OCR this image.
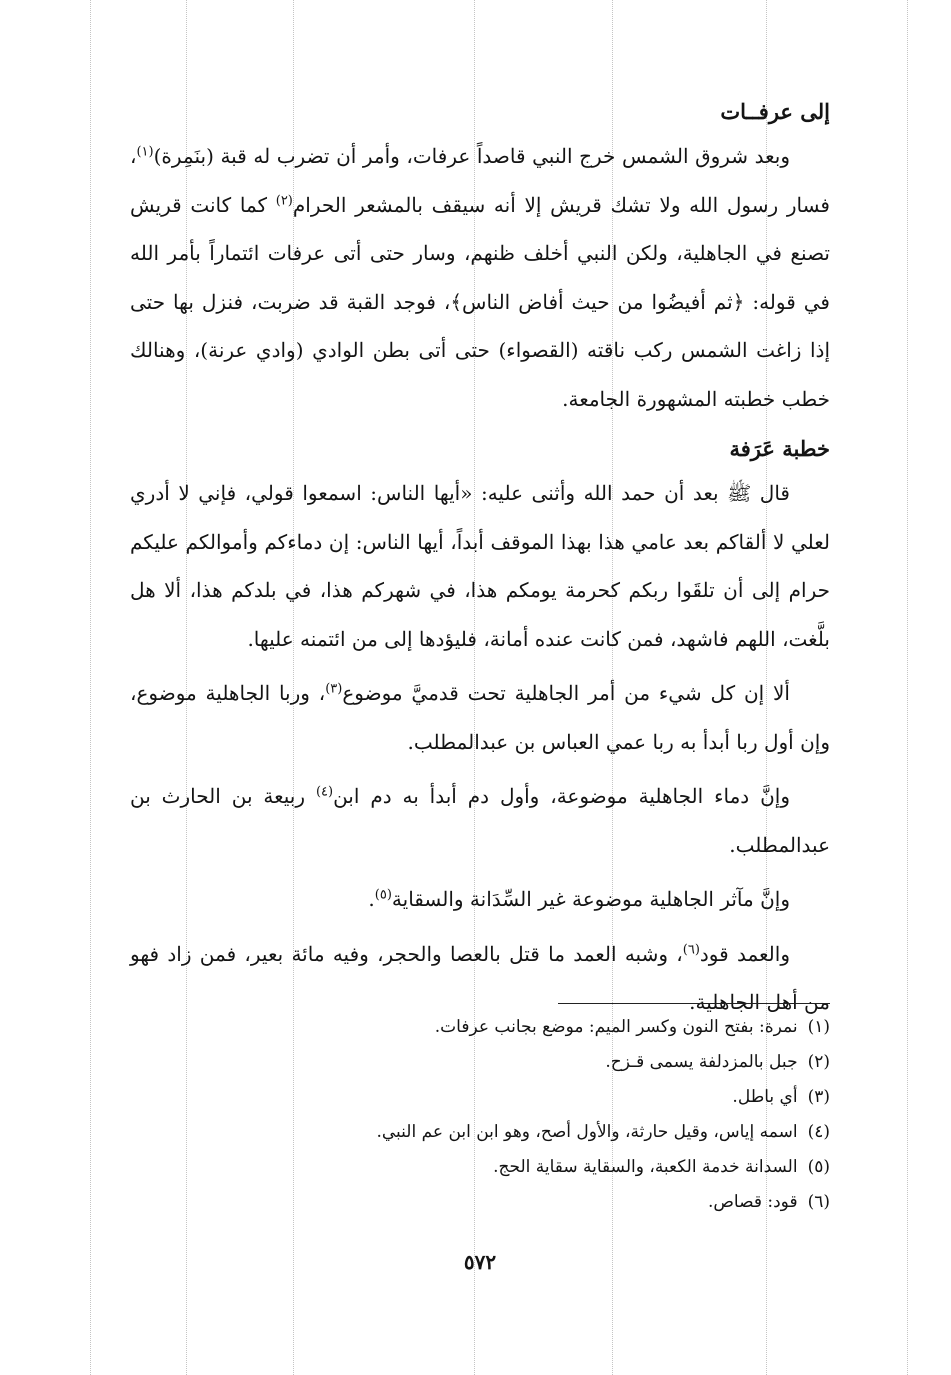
إلى عرفــات

وبعد شروق الشمس خرج النبي قاصداً عرفات، وأمر أن تضرب له قبة (بنَمِرة)$^{(١)}$، فسار رسول الله ولا تشك قريش إلا أنه سيقف بالمشعر الحرام$^{(٢)}$ كما كانت قريش تصنع في الجاهلية، ولكن النبي أخلف ظنهم، وسار حتى أتى عرفات ائتماراً بأمر الله في قوله: ﴿ثم أفيضُوا من حيث أفاض الناس﴾، فوجد القبة قد ضربت، فنزل بها حتى إذا زاغت الشمس ركب ناقته (القصواء) حتى أتى بطن الوادي (وادي عرنة)، وهنالك خطب خطبته المشهورة الجامعة.

خطبة عَرَفة

قال ﷺ بعد أن حمد الله وأثنى عليه: «أيها الناس: اسمعوا قولي، فإني لا أدري لعلي لا ألقاكم بعد عامي هذا بهذا الموقف أبداً، أيها الناس: إن دماءكم وأموالكم عليكم حرام إلى أن تلقَوا ربكم كحرمة يومكم هذا، في شهركم هذا، في بلدكم هذا، ألا هل بلَّغت، اللهم فاشهد، فمن كانت عنده أمانة، فليؤدها إلى من ائتمنه عليها.

ألا إن كل شيء من أمر الجاهلية تحت قدميَّ موضوع$^{(٣)}$، وربا الجاهلية موضوع، وإن أول ربا أبدأ به ربا عمي العباس بن عبدالمطلب.

وإنَّ دماء الجاهلية موضوعة، وأول دم أبدأ به دم ابن$^{(٤)}$ ربيعة بن الحارث بن عبدالمطلب.

وإنَّ مآثر الجاهلية موضوعة غير السِّدَانة والسقاية$^{(٥)}$.

والعمد قود$^{(٦)}$، وشبه العمد ما قتل بالعصا والحجر، وفيه مائة بعير، فمن زاد فهو من أهل الجاهلية.

(١)نمرة: بفتح النون وكسر الميم: موضع بجانب عرفات.

(٢)جبل بالمزدلفة يسمى قـزح.

(٣)أي باطل.

(٤)اسمه إياس، وقيل حارثة، والأول أصح، وهو ابن ابن عم النبي.

(٥)السدانة خدمة الكعبة، والسقاية سقاية الحج.

(٦)قود: قصاص.

٥٧٢
